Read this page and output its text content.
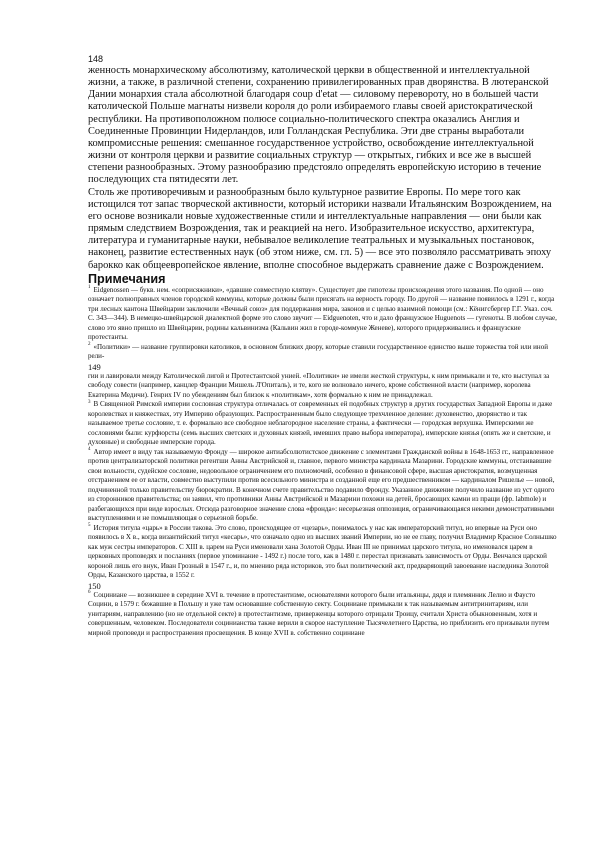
148

женность монархическому абсолютизму, католической церкви в общественной и интеллектуальной жизни, а также, в различной степени, сохранению привилегированных прав дворянства. В лютеранской Дании монархия стала абсолютной благодаря coup d'etat — силовому перевороту, но в большей части католической Польше магнаты низвели короля до роли избираемого главы своей аристократической республики. На противоположном полюсе социально-политического спектра оказались Англия и Соединенные Провинции Нидерландов, или Голландская Республика. Эти две страны выработали компромиссные решения: смешанное государственное устройство, освобождение интеллектуальной жизни от контроля церкви и развитие социальных структур — открытых, гибких и все же в высшей степени разнообразных. Этому разнообразию предстояло определять европейскую историю в течение последующих ста пятидесяти лет.

Столь же противоречивым и разнообразным было культурное развитие Европы. По мере того как истощился тот запас творческой активности, который историки назвали Итальянским Возрождением, на его основе возникали новые художественные стили и интеллектуальные направления — они были как прямым следствием Возрождения, так и реакцией на него. Изобразительное искусство, архитектура, литература и гуманитарные науки, небывалое великолепие театральных и музыкальных постановок, наконец, развитие естественных наук (об этом ниже, см. гл. 5) — все это позволяло рассматривать эпоху барокко как общеевропейское явление, вполне способное выдержать сравнение даже с Возрождением.

Примечания

$^1$ Eidgenossen — букв. нем. «соприсяжники», «давшие совместную клятву». Существует две гипотезы происхождения этого названия. По одной — оно означает полноправных членов городской коммуны, которые должны были присягать на верность городу. По другой — название появилось в 1291 г., когда три лесных кантона Швейцарии заключили «Вечный союз» для поддержания мира, законов и с целью взаимной помощи (см.: Кёнигсбергер Г.Г. Указ. соч. С. 343—344). В немецко-швейцарской диалектной форме это слово звучит — Eidguenoten, что и дало французское Huguenots — гугеноты. В любом случае, слово это явно пришло из Швейцарии, родины кальвинизма (Кальвин жил в городе-коммуне Женеве), которого придерживались и французские протестанты.

$^2$ «Политики» — название группировки католиков, в основном близких двору, которые ставили государственное единство выше торжества той или иной рели-

149

гии и лавировали между Католической лигой и Протестантской унией. «Политики» не имели жесткой структуры, к ним примыкали и те, кто выступал за свободу совести (например, канцлер Франции Мишель Л'Опиталь), и те, кого не волновало ничего, кроме собственной власти (например, королева Екатерина Медичи). Генрих IV по убеждениям был близок к «политикам», хотя формально к ним не принадлежал.

$^3$ В Священной Римской империи сословная структура отличалась от современных ей подобных структур в других государствах Западной Европы и даже королевствах и княжествах, эту Империю образующих. Распространенным было следующее трехчленное деление: духовенство, дворянство и так называемое третье сословие, т. е. формально все свободное неблагородное население страны, а фактически — городская верхушка. Имперскими же сословиями были: курфюрсты (семь высших светских и духовных князей, имевших право выбора императора), имперские князья (опять же и светские, и духовные) и свободные имперские города.

$^4$ Автор имеет в виду так называемую Фронду — широкое антиабсолютистское движение с элементами Гражданской войны в 1648-1653 гг., направленное против централизаторской политики регентши Анны Австрийской и, главное, первого министра кардинала Мазарини. Городские коммуны, отстаивавшие свои вольности, судейское сословие, недовольное ограничением его полномочий, особенно в финансовой сфере, высшая аристократия, возмущенная отстранением ее от власти, совместно выступили против всесильного министра и созданной еще его предшественником — кардиналом Ришелье — новой, подчиненной только правительству бюрократии. В конечном счете правительство подавило Фронду. Указанное движение получило название из уст одного из сторонников правительства; он заявил, что противники Анны Австрийской и Мазарини похожи на детей, бросающих камни из пращи (фр. labmole) и разбегающихся при виде взрослых. Отсюда разговорное значение слова «фронда»: несерьезная оппозиция, ограничивающаяся некими демонстративными выступлениями и не помышляющая о серьезной борьбе.

$^5$ История титула «царь» в России такова. Это слово, происходящее от «цезарь», понималось у нас как императорский титул, но впервые на Руси оно появилось в X в., когда византийский титул «кесарь», что означало одно из высших званий Империи, но не ее главу, получил Владимир Красное Солнышко как муж сестры императоров. С XIII в. царем на Руси именовали хана Золотой Орды. Иван III не принимал царского титула, но именовался царем в церковных проповедях и посланиях (первое упоминание - 1492 г.) после того, как в 1480 г. перестал признавать зависимость от Орды. Венчался царской короной лишь его внук, Иван Грозный в 1547 г., и, по мнению ряда историков, это был политический акт, предваряющий завоевание наследника Золотой Орды, Казанского царства, в 1552 г.

150

$^6$ Социниане — возникшее в середине XVI в. течение в протестантизме, основателями которого были итальянцы, дядя и племянник Лелио и Фаусто Социни, в 1579 г. бежавшие в Польшу и уже там основавшие собственную секту. Социниане примыкали к так называемым антитринитариям, или унитариям, направлению (но не отдельной секте) в протестантизме, приверженцы которого отрицали Троицу, считали Христа обыкновенным, хотя и совершенным, человеком. Последователи социнианства также верили в скорое наступление Тысячелетнего Царства, но приблизить его призывали путем мирной проповеди и распространения просвещения. В конце XVII в. собственно социниане
